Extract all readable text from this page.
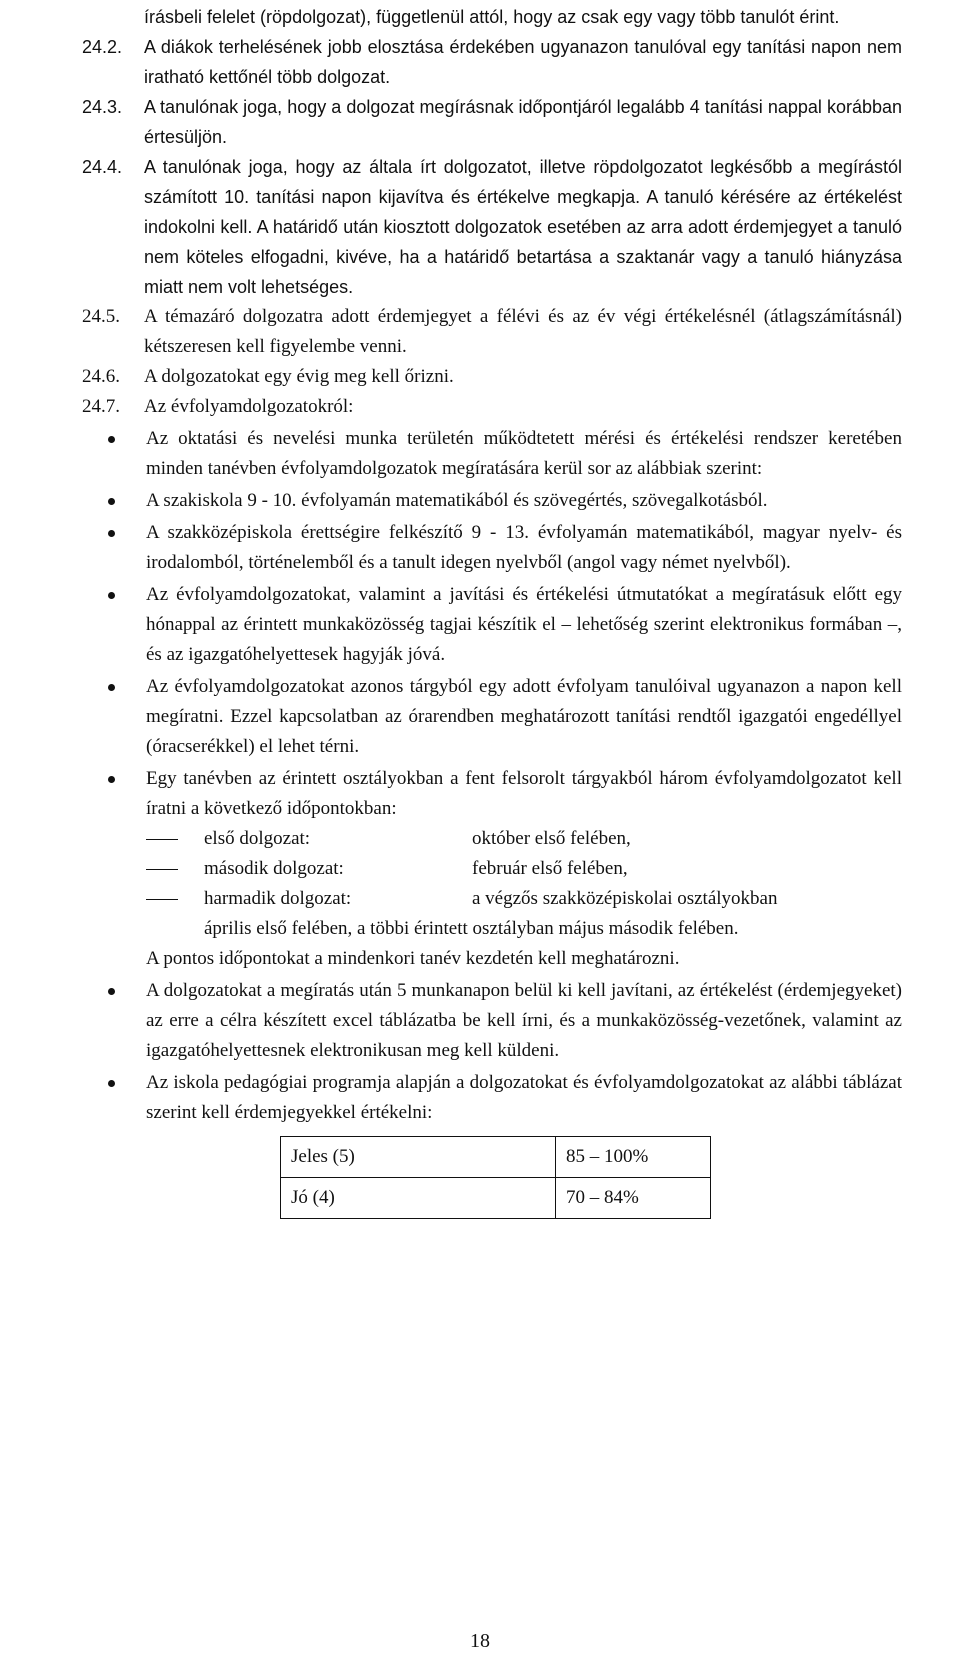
írásbeli felelet (röpdolgozat), függetlenül attól, hogy az csak egy vagy több tanulót érint.
24.2.	A diákok terhelésének jobb elosztása érdekében ugyanazon tanulóval egy tanítási napon nem iratható kettőnél több dolgozat.
24.3.	A tanulónak joga, hogy a dolgozat megírásnak időpontjáról legalább 4 tanítási nappal korábban értesüljön.
24.4.	A tanulónak joga, hogy az általa írt dolgozatot, illetve röpdolgozatot legkésőbb a megírástól számított 10. tanítási napon kijavítva és értékelve megkapja. A tanuló kérésére az értékelést indokolni kell. A határidő után kiosztott dolgozatok esetében az arra adott érdemjegyet a tanuló nem köteles elfogadni, kivéve, ha a határidő betartása a szaktanár vagy a tanuló hiányzása miatt nem volt lehetséges.
24.5.	A témazáró dolgozatra adott érdemjegyet a félévi és az év végi értékelésnél (átlagszámításnál) kétszeresen kell figyelembe venni.
24.6.	A dolgozatokat egy évig meg kell őrizni.
24.7.	Az évfolyamdolgozatokról:
Az oktatási és nevelési munka területén működtetett mérési és értékelési rendszer keretében minden tanévben évfolyamdolgozatok megíratására kerül sor az alábbiak szerint:
A szakiskola 9 - 10. évfolyamán matematikából és szövegértés, szövegalkotásból.
A szakközépiskola érettségire felkészítő 9 - 13. évfolyamán matematikából, magyar nyelv- és irodalomból, történelemből és a tanult idegen nyelvből (angol vagy német nyelvből).
Az évfolyamdolgozatokat, valamint a javítási és értékelési útmutatókat a megíratásuk előtt egy hónappal az érintett munkaközösség tagjai készítik el – lehetőség szerint elektronikus formában –, és az igazgatóhelyettesek hagyják jóvá.
Az évfolyamdolgozatokat azonos tárgyból egy adott évfolyam tanulóival ugyanazon a napon kell megíratni. Ezzel kapcsolatban az órarendben meghatározott tanítási rendtől igazgatói engedéllyel (óracserékkel) el lehet térni.
Egy tanévben az érintett osztályokban a fent felsorolt tárgyakból három évfolyamdolgozatot kell íratni a következő időpontokban:
első dolgozat:	október első felében,
második dolgozat:	február első felében,
harmadik dolgozat:	a végzős szakközépiskolai osztályokban
április első felében, a többi érintett osztályban május második felében.
A pontos időpontokat a mindenkori tanév kezdetén kell meghatározni.
A dolgozatokat a megíratás után 5 munkanapon belül ki kell javítani, az értékelést (érdemjegyeket) az erre a célra készített excel táblázatba be kell írni, és a munkaközösség-vezetőnek, valamint az igazgatóhelyettesnek elektronikusan meg kell küldeni.
Az iskola pedagógiai programja alapján a dolgozatokat és évfolyamdolgozatokat az alábbi táblázat szerint kell érdemjegyekkel értékelni:
Jeles (5)	85 – 100%
Jó (4)	70 – 84%
18
